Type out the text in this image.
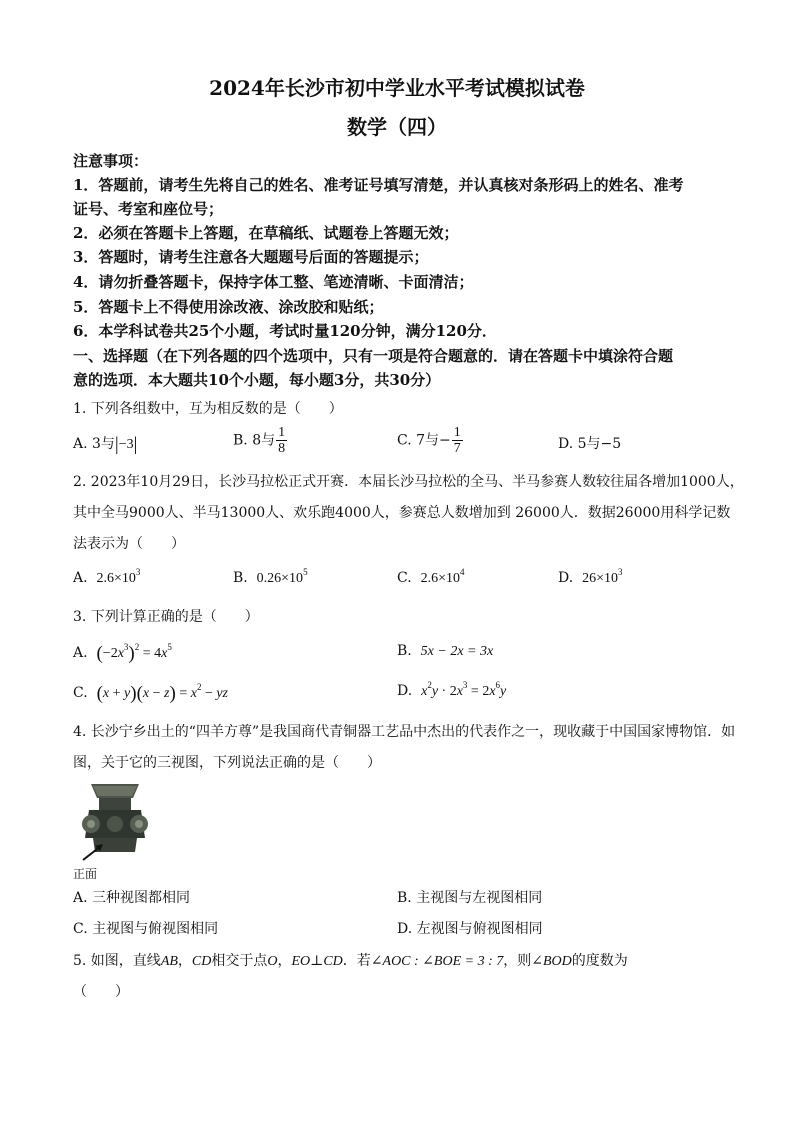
2024年长沙市初中学业水平考试模拟试卷
数学（四）
注意事项：
1．答题前，请考生先将自己的姓名、准考证号填写清楚，并认真核对条形码上的姓名、准考
证号、考室和座位号；
2．必须在答题卡上答题，在草稿纸、试题卷上答题无效；
3．答题时，请考生注意各大题题号后面的答题提示；
4．请勿折叠答题卡，保持字体工整、笔迹清晰、卡面清洁；
5．答题卡上不得使用涂改液、涂改胶和贴纸；
6．本学科试卷共25个小题，考试时量120分钟，满分120分．
一、选择题（在下列各题的四个选项中，只有一项是符合题意的．请在答题卡中填涂符合题
意的选项．本大题共10个小题，每小题3分，共30分）
1. 下列各组数中，互为相反数的是（　　）
A. 3与|−3|	B. 8与 $\frac{1}{8}$	C. 7与− $\frac{1}{7}$	D. 5与−5
2. 2023年10月29日，长沙马拉松正式开赛．本届长沙马拉松的全马、半马参赛人数较往届各增加1000人，
其中全马9000人、半马13000人、欢乐跑4000人，参赛总人数增加到 26000人．数据26000用科学记数
法表示为（　　）
A. $2.6\times 10^3$	B. $0.26\times 10^5$	C. $2.6\times 10^4$	D. $26\times 10^3$
3. 下列计算正确的是（　　）
A. $(-2x^3)^2 = 4x^5$	B. 5x − 2x = 3x
C. $(x + y)(x - z) = x^2$ − yz	D. $x^2y \cdot 2x^3 = 2x^6y$
4. 长沙宁乡出土的“四羊方尊”是我国商代青铜器工艺品中杰出的代表作之一，现收藏于中国国家博物馆．如
图，关于它的三视图，下列说法正确的是（　　）
正面
A. 三种视图都相同	B. 主视图与左视图相同
C. 主视图与俯视图相同	D. 左视图与俯视图相同
5. 如图，直线AB，CD相交于点O，EO⊥CD．若∠AOC : ∠BOE = 3 : 7，则∠BOD的度数为
（　　）
